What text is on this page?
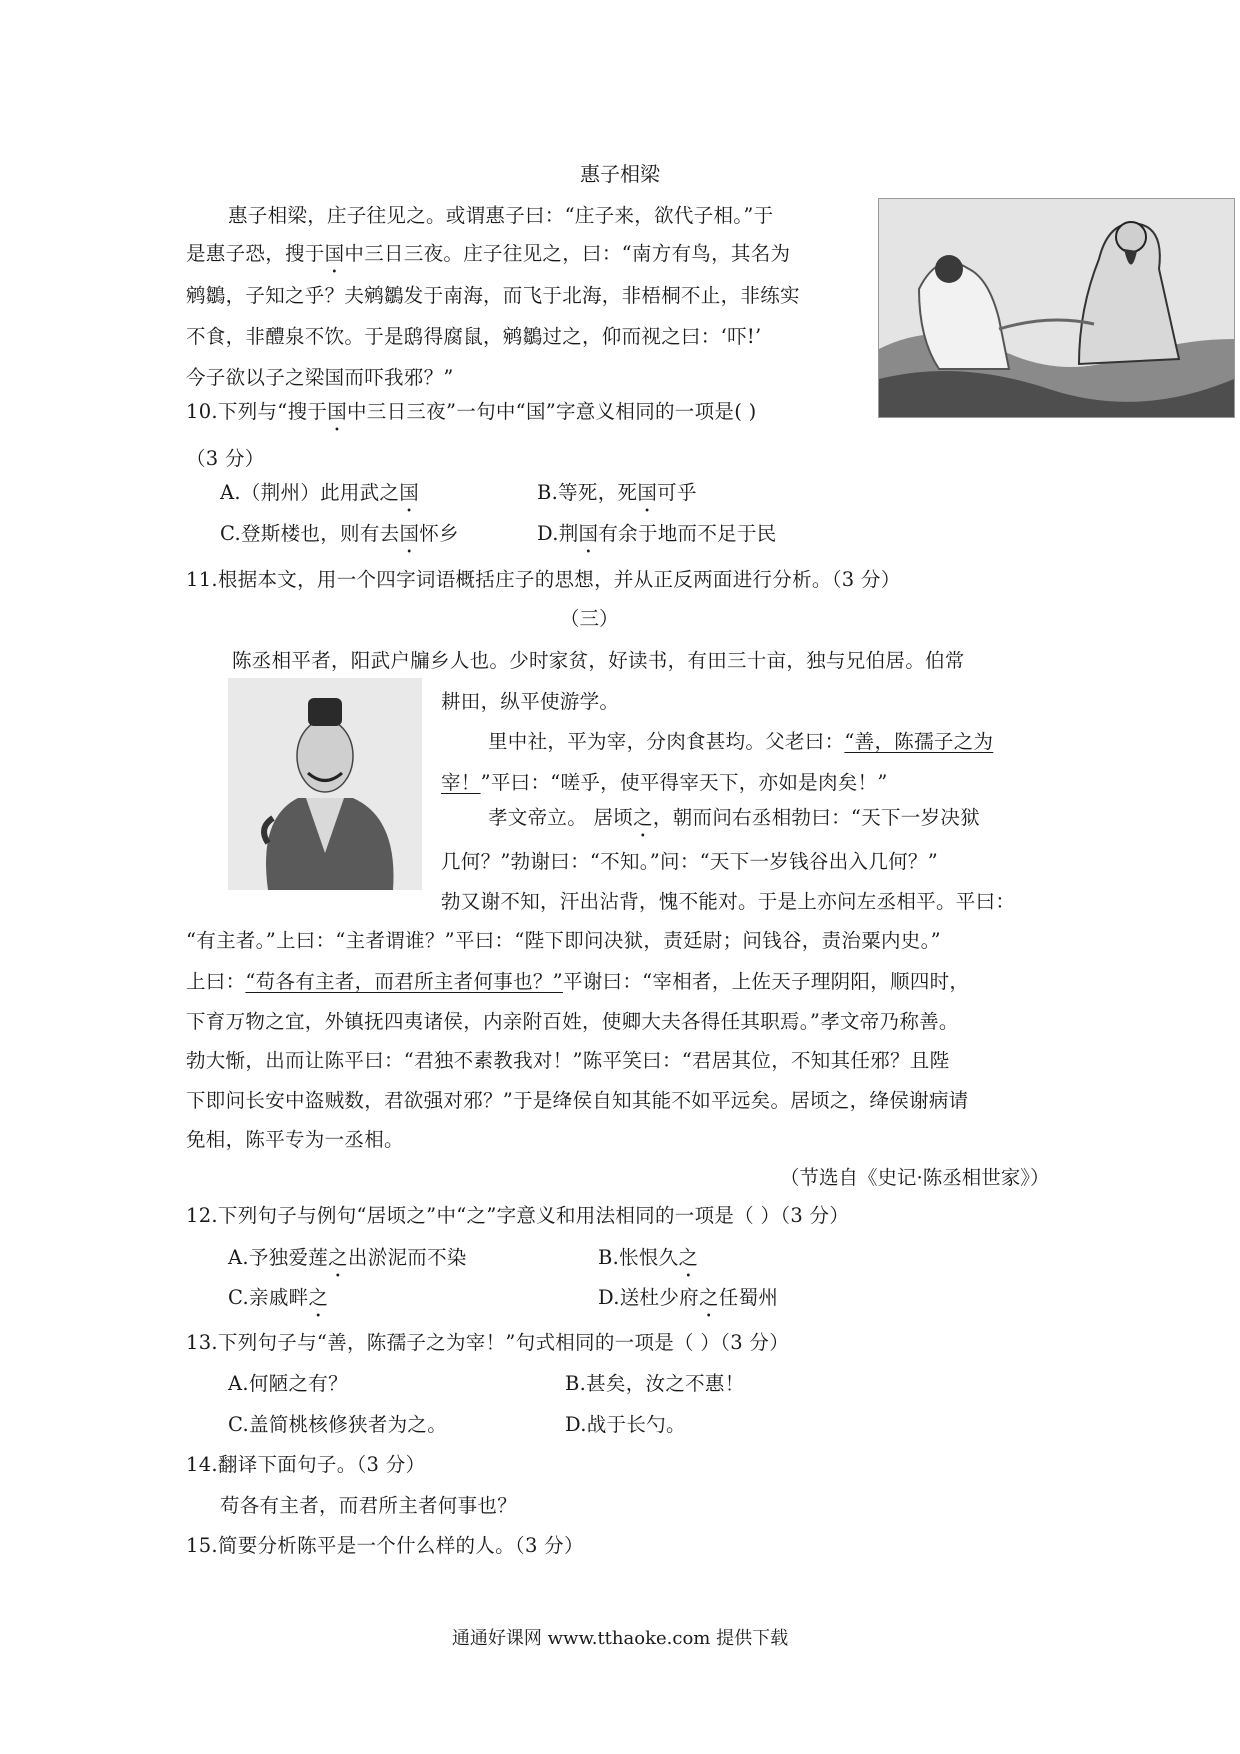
惠子相梁
惠子相梁，庄子往见之。或谓惠子曰：“庄子来，欲代子相。”于
是惠子恐，搜于国中三日三夜。庄子往见之，曰：“南方有鸟，其名为
鹓鶵，子知之乎？夫鹓鶵发于南海，而飞于北海，非梧桐不止，非练实
不食，非醴泉不饮。于是鸱得腐鼠，鹓鶵过之，仰而视之曰：‘吓!’
今子欲以子之梁国而吓我邪？”
10.下列与“搜于国中三日三夜”一句中“国”字意义相同的一项是( )
（3 分）
A.（荆州）此用武之国	B.等死，死国可乎
C.登斯楼也，则有去国怀乡	D.荆国有余于地而不足于民
11.根据本文，用一个四字词语概括庄子的思想，并从正反两面进行分析。（3 分）
（三）
陈丞相平者，阳武户牖乡人也。少时家贫，好读书，有田三十亩，独与兄伯居。伯常
耕田，纵平使游学。
里中社，平为宰，分肉食甚均。父老曰：“善，陈孺子之为
宰！”平曰：“嗟乎，使平得宰天下，亦如是肉矣！”
孝文帝立。 居顷之，朝而问右丞相勃曰：“天下一岁决狱
几何？”勃谢曰：“不知。”问：“天下一岁钱谷出入几何？”
勃又谢不知，汗出沾背，愧不能对。于是上亦问左丞相平。平曰：
“有主者。”上曰：“主者谓谁？”平曰：“陛下即问决狱，责廷尉；问钱谷，责治粟内史。”
上曰：“苟各有主者，而君所主者何事也？”平谢曰：“宰相者，上佐天子理阴阳，顺四时，
下育万物之宜，外镇抚四夷诸侯，内亲附百姓，使卿大夫各得任其职焉。”孝文帝乃称善。
勃大惭，出而让陈平曰：“君独不素教我对！”陈平笑曰：“君居其位，不知其任邪？且陛
下即问长安中盗贼数，君欲强对邪？”于是绛侯自知其能不如平远矣。居顷之，绛侯谢病请
免相，陈平专为一丞相。
（节选自《史记·陈丞相世家》）
12.下列句子与例句“居顷之”中“之”字意义和用法相同的一项是（ ）（3 分）
A.予独爱莲之出淤泥而不染	B.怅恨久之
C.亲戚畔之	D.送杜少府之任蜀州
13.下列句子与“善，陈孺子之为宰！”句式相同的一项是（ ）（3 分）
A.何陋之有？	B.甚矣，汝之不惠！
C.盖简桃核修狭者为之。	D.战于长勺。
14.翻译下面句子。（3 分）
苟各有主者，而君所主者何事也？
15.简要分析陈平是一个什么样的人。（3 分）
通通好课网 www.tthaoke.com 提供下载
